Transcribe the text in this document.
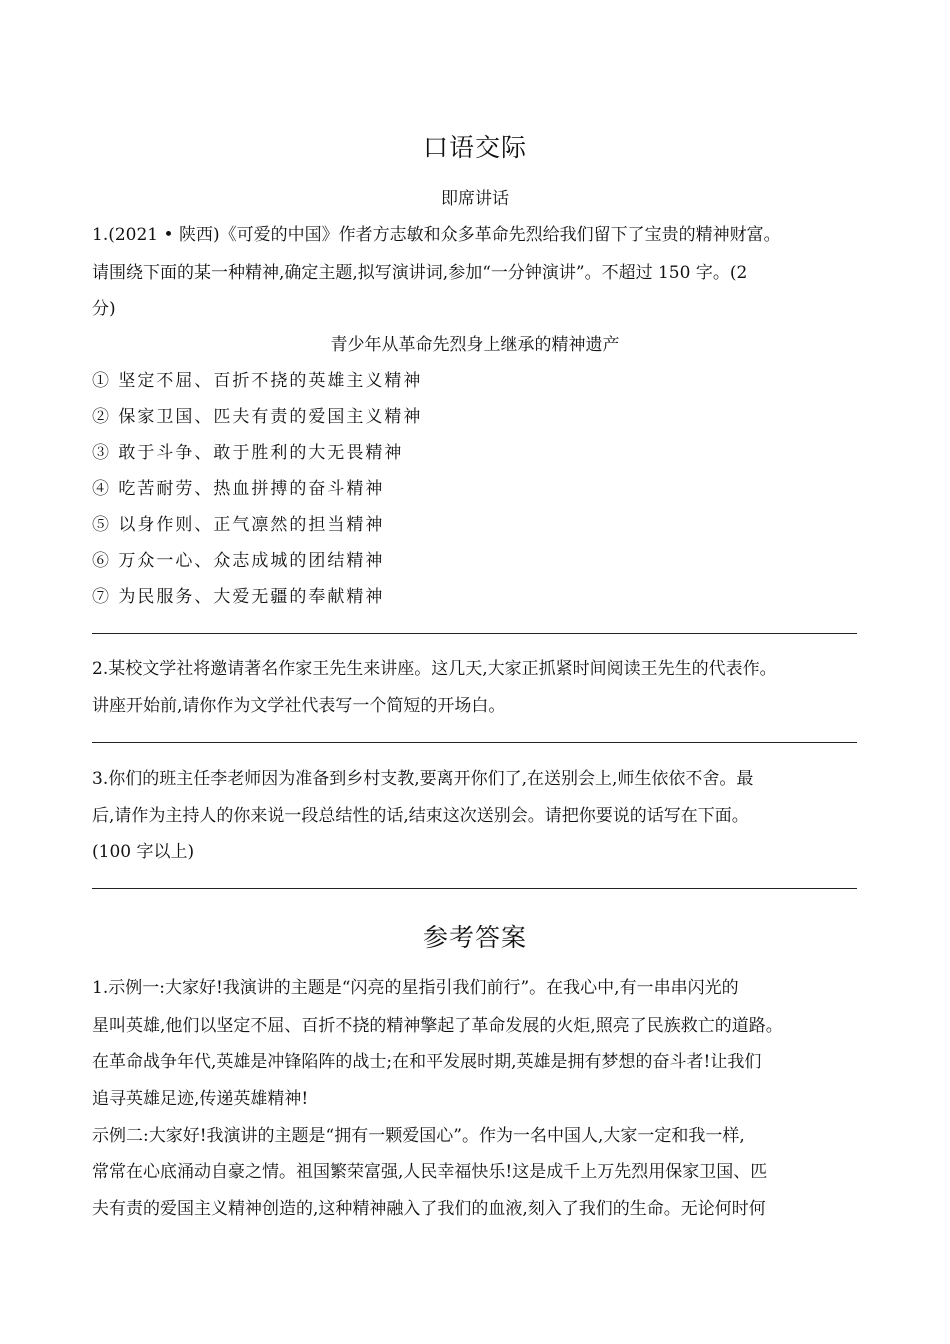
口语交际
即席讲话
1.(2021 • 陕西)《可爱的中国》作者方志敏和众多革命先烈给我们留下了宝贵的精神财富。
请围绕下面的某一种精神,确定主题,拟写演讲词,参加“一分钟演讲”。不超过 150 字。(2
分)
青少年从革命先烈身上继承的精神遗产
① 坚定不屈、百折不挠的英雄主义精神
② 保家卫国、匹夫有责的爱国主义精神
③ 敢于斗争、敢于胜利的大无畏精神
④ 吃苦耐劳、热血拼搏的奋斗精神
⑤ 以身作则、正气凛然的担当精神
⑥ 万众一心、众志成城的团结精神
⑦ 为民服务、大爱无疆的奉献精神
2.某校文学社将邀请著名作家王先生来讲座。这几天,大家正抓紧时间阅读王先生的代表作。
讲座开始前,请你作为文学社代表写一个简短的开场白。
3.你们的班主任李老师因为准备到乡村支教,要离开你们了,在送别会上,师生依依不舍。最
后,请作为主持人的你来说一段总结性的话,结束这次送别会。请把你要说的话写在下面。
(100 字以上)
参考答案
1.示例一:大家好!我演讲的主题是“闪亮的星指引我们前行”。在我心中,有一串串闪光的
星叫英雄,他们以坚定不屈、百折不挠的精神擎起了革命发展的火炬,照亮了民族救亡的道路。
在革命战争年代,英雄是冲锋陷阵的战士;在和平发展时期,英雄是拥有梦想的奋斗者!让我们
追寻英雄足迹,传递英雄精神!
示例二:大家好!我演讲的主题是“拥有一颗爱国心”。作为一名中国人,大家一定和我一样,
常常在心底涌动自豪之情。祖国繁荣富强,人民幸福快乐!这是成千上万先烈用保家卫国、匹
夫有责的爱国主义精神创造的,这种精神融入了我们的血液,刻入了我们的生命。无论何时何
